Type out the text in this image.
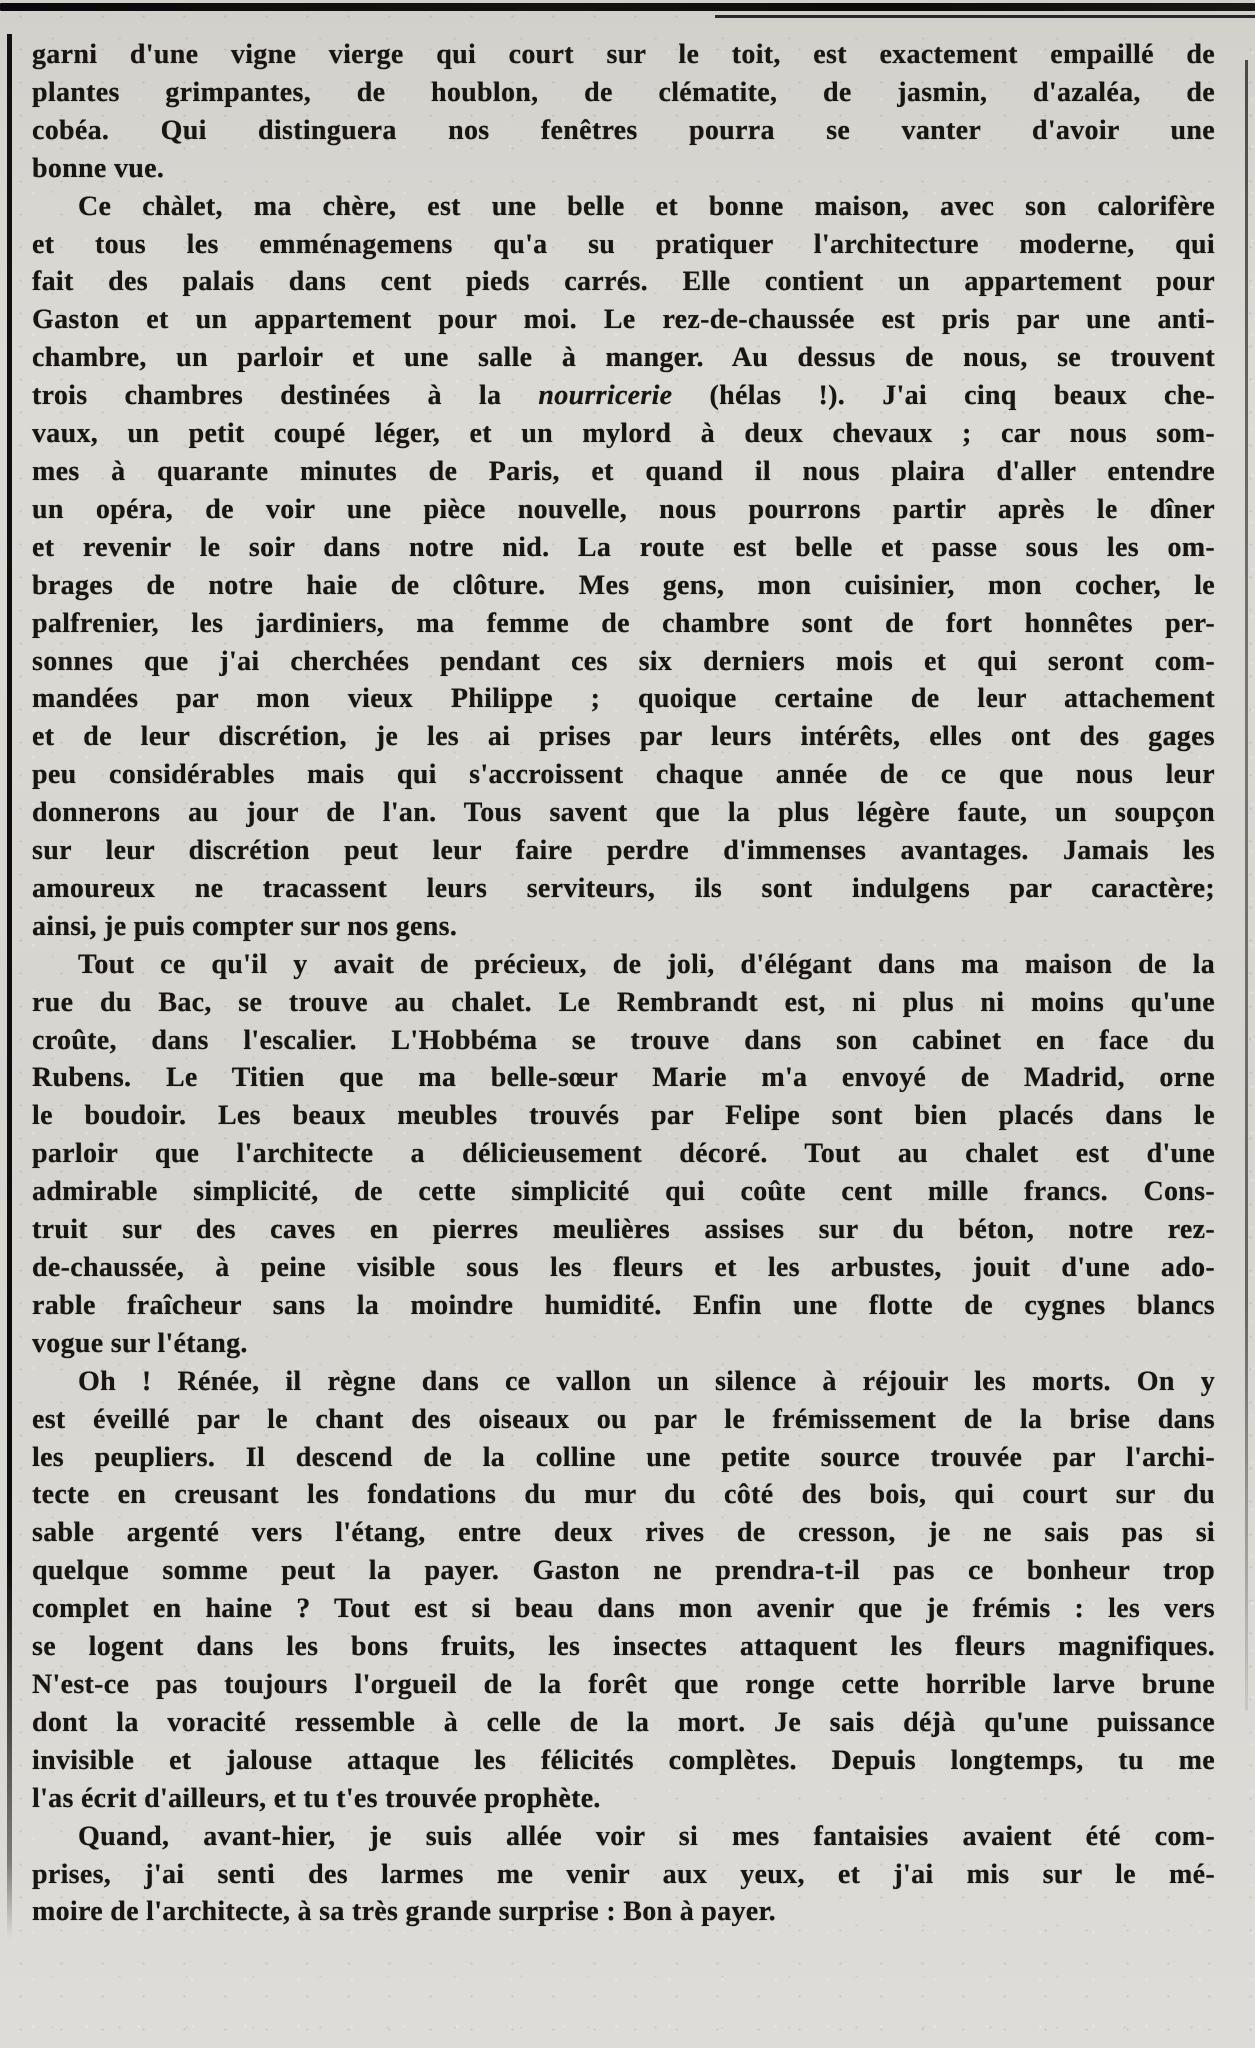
garni d'une vigne vierge qui court sur le toit, est exactement empaillé de
plantes grimpantes, de houblon, de clématite, de jasmin, d'azaléa, de
cobéa. Qui distinguera nos fenêtres pourra se vanter d'avoir une
bonne vue.
Ce chàlet, ma chère, est une belle et bonne maison, avec son calorifère
et tous les emménagemens qu'a su pratiquer l'architecture moderne, qui
fait des palais dans cent pieds carrés. Elle contient un appartement pour
Gaston et un appartement pour moi. Le rez-de-chaussée est pris par une anti-
chambre, un parloir et une salle à manger. Au dessus de nous, se trouvent
trois chambres destinées à la nourricerie (hélas !). J'ai cinq beaux che-
vaux, un petit coupé léger, et un mylord à deux chevaux ; car nous som-
mes à quarante minutes de Paris, et quand il nous plaira d'aller entendre
un opéra, de voir une pièce nouvelle, nous pourrons partir après le dîner
et revenir le soir dans notre nid. La route est belle et passe sous les om-
brages de notre haie de clôture. Mes gens, mon cuisinier, mon cocher, le
palfrenier, les jardiniers, ma femme de chambre sont de fort honnêtes per-
sonnes que j'ai cherchées pendant ces six derniers mois et qui seront com-
mandées par mon vieux Philippe ; quoique certaine de leur attachement
et de leur discrétion, je les ai prises par leurs intérêts, elles ont des gages
peu considérables mais qui s'accroissent chaque année de ce que nous leur
donnerons au jour de l'an. Tous savent que la plus légère faute, un soupçon
sur leur discrétion peut leur faire perdre d'immenses avantages. Jamais les
amoureux ne tracassent leurs serviteurs, ils sont indulgens par caractère;
ainsi, je puis compter sur nos gens.
Tout ce qu'il y avait de précieux, de joli, d'élégant dans ma maison de la
rue du Bac, se trouve au chalet. Le Rembrandt est, ni plus ni moins qu'une
croûte, dans l'escalier. L'Hobbéma se trouve dans son cabinet en face du
Rubens. Le Titien que ma belle-sœur Marie m'a envoyé de Madrid, orne
le boudoir. Les beaux meubles trouvés par Felipe sont bien placés dans le
parloir que l'architecte a délicieusement décoré. Tout au chalet est d'une
admirable simplicité, de cette simplicité qui coûte cent mille francs. Cons-
truit sur des caves en pierres meulières assises sur du béton, notre rez-
de-chaussée, à peine visible sous les fleurs et les arbustes, jouit d'une ado-
rable fraîcheur sans la moindre humidité. Enfin une flotte de cygnes blancs
vogue sur l'étang.
Oh ! Rénée, il règne dans ce vallon un silence à réjouir les morts. On y
est éveillé par le chant des oiseaux ou par le frémissement de la brise dans
les peupliers. Il descend de la colline une petite source trouvée par l'archi-
tecte en creusant les fondations du mur du côté des bois, qui court sur du
sable argenté vers l'étang, entre deux rives de cresson, je ne sais pas si
quelque somme peut la payer. Gaston ne prendra-t-il pas ce bonheur trop
complet en haine ? Tout est si beau dans mon avenir que je frémis : les vers
se logent dans les bons fruits, les insectes attaquent les fleurs magnifiques.
N'est-ce pas toujours l'orgueil de la forêt que ronge cette horrible larve brune
dont la voracité ressemble à celle de la mort. Je sais déjà qu'une puissance
invisible et jalouse attaque les félicités complètes. Depuis longtemps, tu me
l'as écrit d'ailleurs, et tu t'es trouvée prophète.
Quand, avant-hier, je suis allée voir si mes fantaisies avaient été com-
prises, j'ai senti des larmes me venir aux yeux, et j'ai mis sur le mé-
moire de l'architecte, à sa très grande surprise : Bon à payer.
